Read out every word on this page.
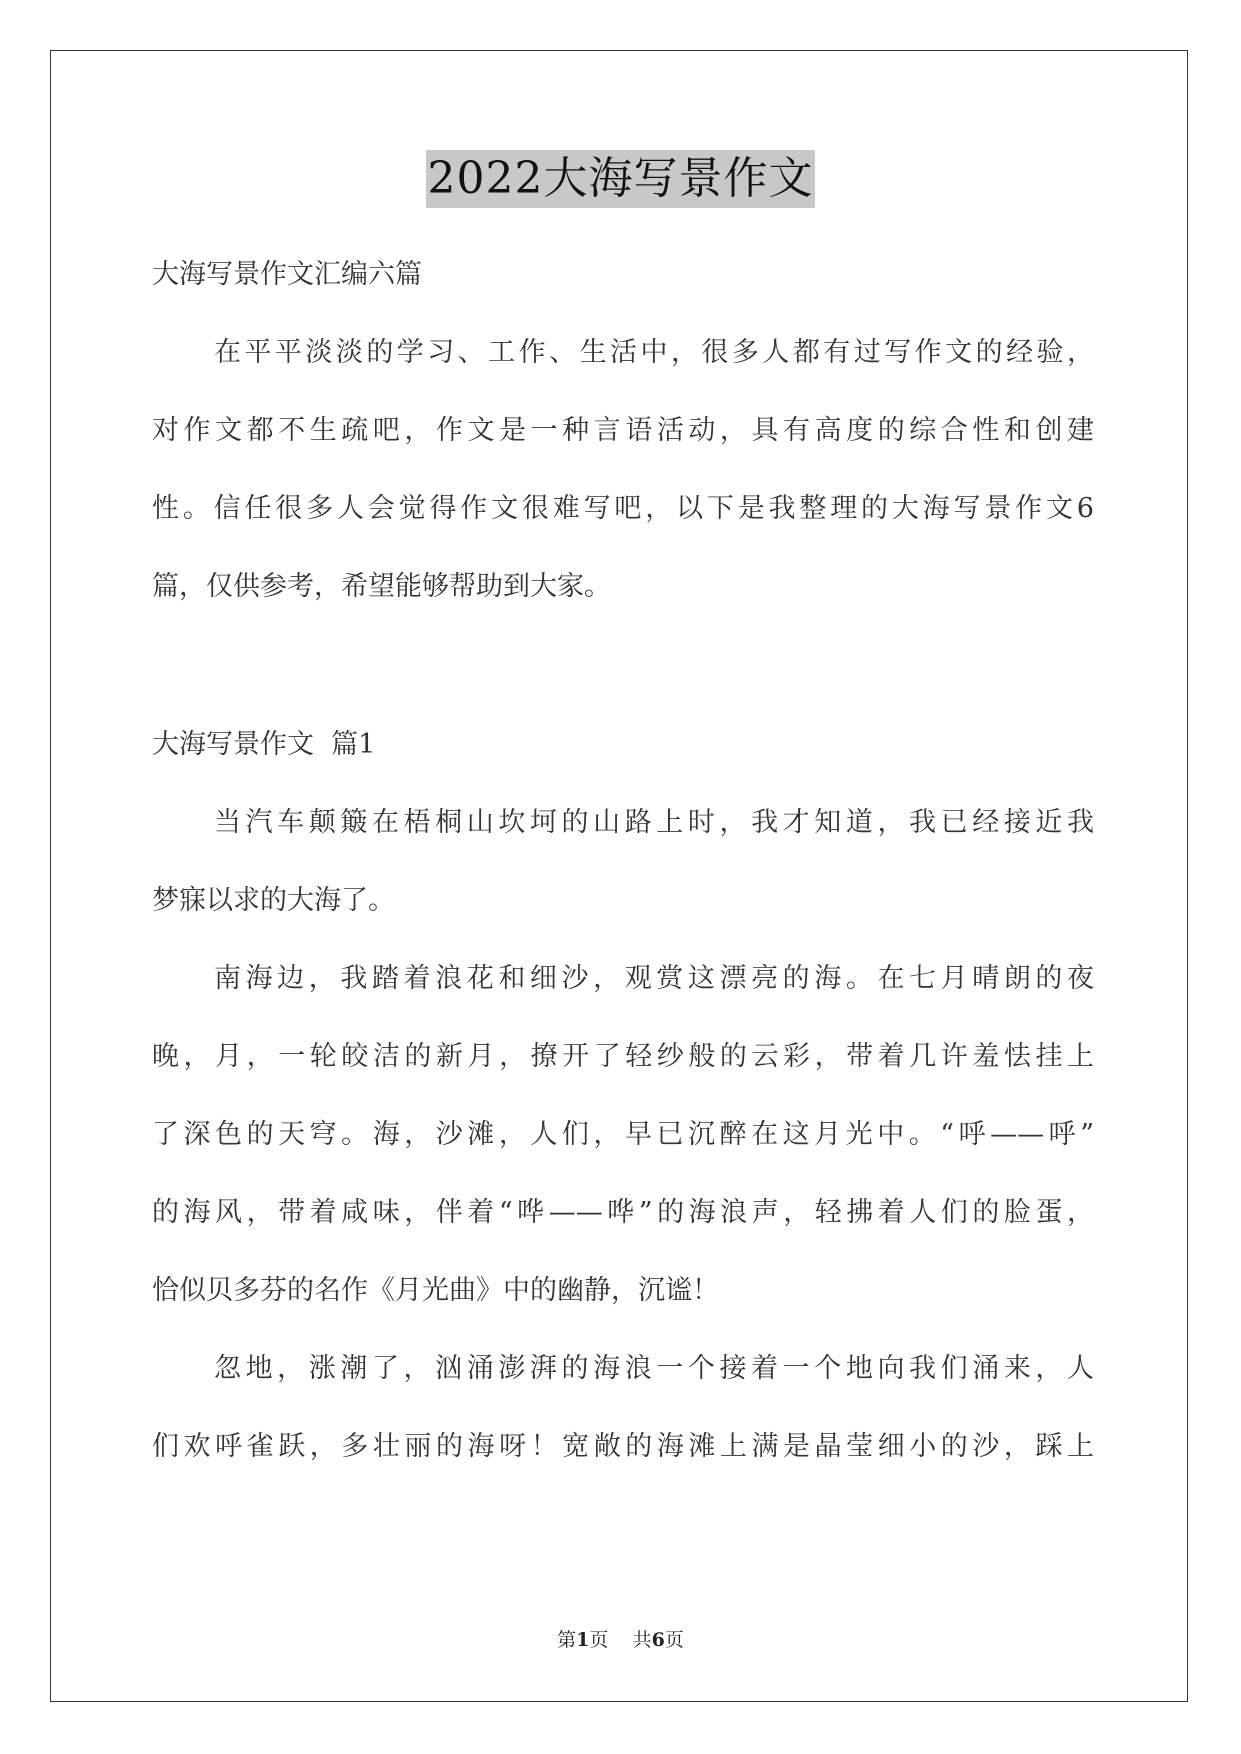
2022大海写景作文
大海写景作文汇编六篇
在平平淡淡的学习、工作、生活中，很多人都有过写作文的经验，
对作文都不生疏吧，作文是一种言语活动，具有高度的综合性和创建
性。信任很多人会觉得作文很难写吧，以下是我整理的大海写景作文6
篇，仅供参考，希望能够帮助到大家。
大海写景作文  篇1
当汽车颠簸在梧桐山坎坷的山路上时，我才知道，我已经接近我
梦寐以求的大海了。
南海边，我踏着浪花和细沙，观赏这漂亮的海。在七月晴朗的夜
晚，月，一轮皎洁的新月，撩开了轻纱般的云彩，带着几许羞怯挂上
了深色的天穹。海，沙滩，人们，早已沉醉在这月光中。“呼——呼”
的海风，带着咸味，伴着“哗——哗”的海浪声，轻拂着人们的脸蛋，
恰似贝多芬的名作《月光曲》中的幽静，沉谧！
忽地，涨潮了，汹涌澎湃的海浪一个接着一个地向我们涌来，人
们欢呼雀跃，多壮丽的海呀！宽敞的海滩上满是晶莹细小的沙，踩上
第1页    共6页
